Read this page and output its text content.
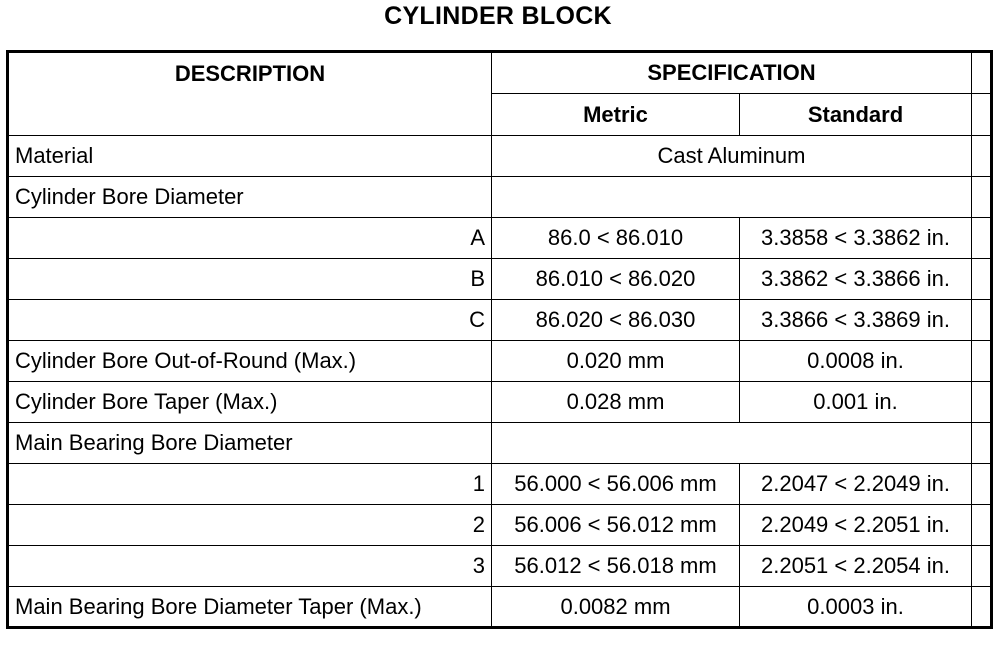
CYLINDER BLOCK
DESCRIPTION	SPECIFICATION		
	Metric	Standard	
Material	Cast Aluminum		
Cylinder Bore Diameter			
A	86.0 < 86.010	3.3858 < 3.3862 in.	
B	86.010 < 86.020	3.3862 < 3.3866 in.	
C	86.020 < 86.030	3.3866 < 3.3869 in.	
Cylinder Bore Out-of-Round (Max.)	0.020 mm	0.0008 in.	
Cylinder Bore Taper (Max.)	0.028 mm	0.001 in.	
Main Bearing Bore Diameter			
1	56.000 < 56.006 mm	2.2047 < 2.2049 in.	
2	56.006 < 56.012 mm	2.2049 < 2.2051 in.	
3	56.012 < 56.018 mm	2.2051 < 2.2054 in.	
Main Bearing Bore Diameter Taper (Max.)	0.0082 mm	0.0003 in.	
